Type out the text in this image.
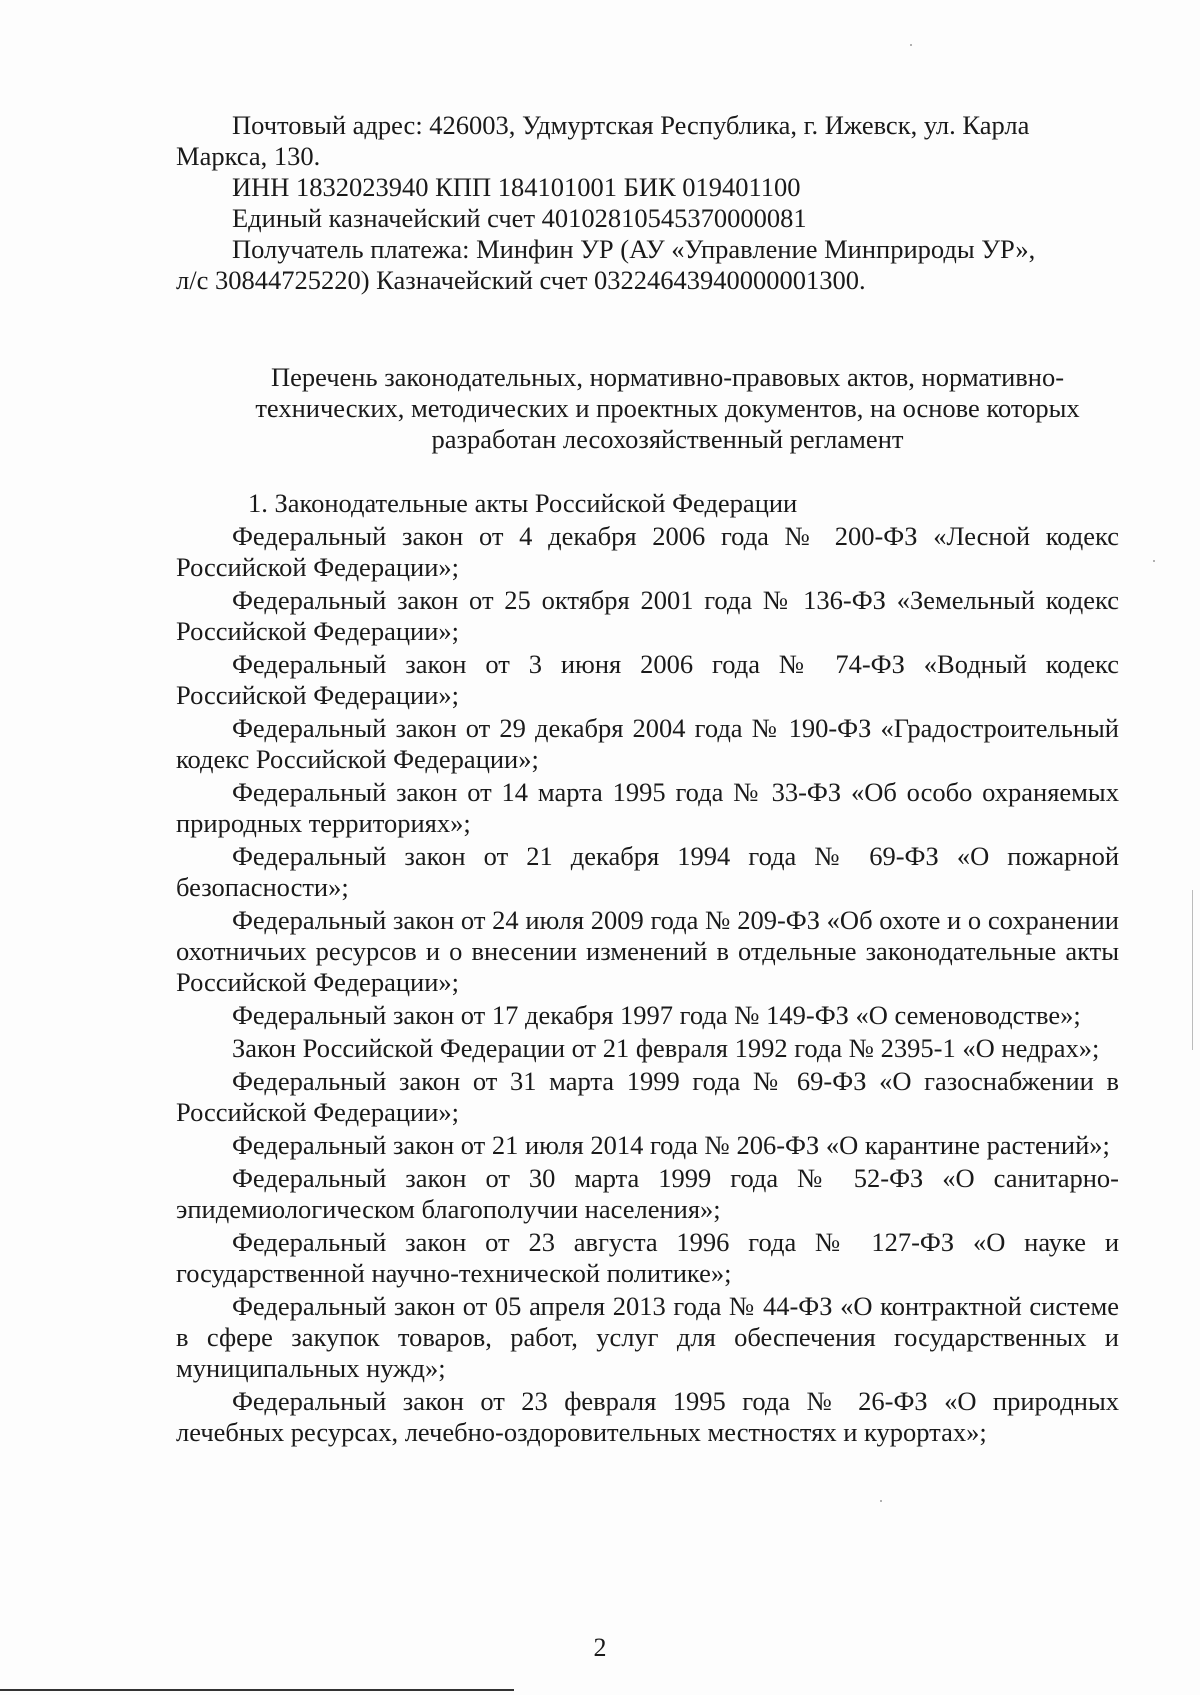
Почтовый адрес: 426003, Удмуртская Республика, г. Ижевск, ул. Карла
Маркса, 130.

ИНН 1832023940 КПП 184101001 БИК 019401100

Единый казначейский счет 40102810545370000081

Получатель платежа: Минфин УР (АУ «Управление Минприроды УР»,
л/с 30844725220) Казначейский счет 03224643940000001300.

Перечень законодательных, нормативно-правовых актов, нормативно-
технических, методических и проектных документов, на основе которых
разработан лесохозяйственный регламент

1. Законодательные акты Российской Федерации

Федеральный закон от 4 декабря 2006 года № 200-ФЗ «Лесной кодекс Российской Федерации»;

Федеральный закон от 25 октября 2001 года № 136-ФЗ «Земельный кодекс Российской Федерации»;

Федеральный закон от 3 июня 2006 года № 74-ФЗ «Водный кодекс Российской Федерации»;

Федеральный закон от 29 декабря 2004 года № 190-ФЗ «Градостроительный кодекс Российской Федерации»;

Федеральный закон от 14 марта 1995 года № 33-ФЗ «Об особо охраняемых природных территориях»;

Федеральный закон от 21 декабря 1994 года № 69-ФЗ «О пожарной безопасности»;

Федеральный закон от 24 июля 2009 года № 209-ФЗ «Об охоте и о сохранении охотничьих ресурсов и о внесении изменений в отдельные законодательные акты Российской Федерации»;

Федеральный закон от 17 декабря 1997 года № 149-ФЗ «О семеноводстве»;

Закон Российской Федерации от 21 февраля 1992 года № 2395-1 «О недрах»;

Федеральный закон от 31 марта 1999 года № 69-ФЗ «О газоснабжении в Российской Федерации»;

Федеральный закон от 21 июля 2014 года № 206-ФЗ «О карантине растений»;

Федеральный закон от 30 марта 1999 года № 52-ФЗ «О санитарно-эпидемиологическом благополучии населения»;

Федеральный закон от 23 августа 1996 года № 127-ФЗ «О науке и государственной научно-технической политике»;

Федеральный закон от 05 апреля 2013 года № 44-ФЗ «О контрактной системе в сфере закупок товаров, работ, услуг для обеспечения государственных и муниципальных нужд»;

Федеральный закон от 23 февраля 1995 года № 26-ФЗ «О природных лечебных ресурсах, лечебно-оздоровительных местностях и курортах»;

2
